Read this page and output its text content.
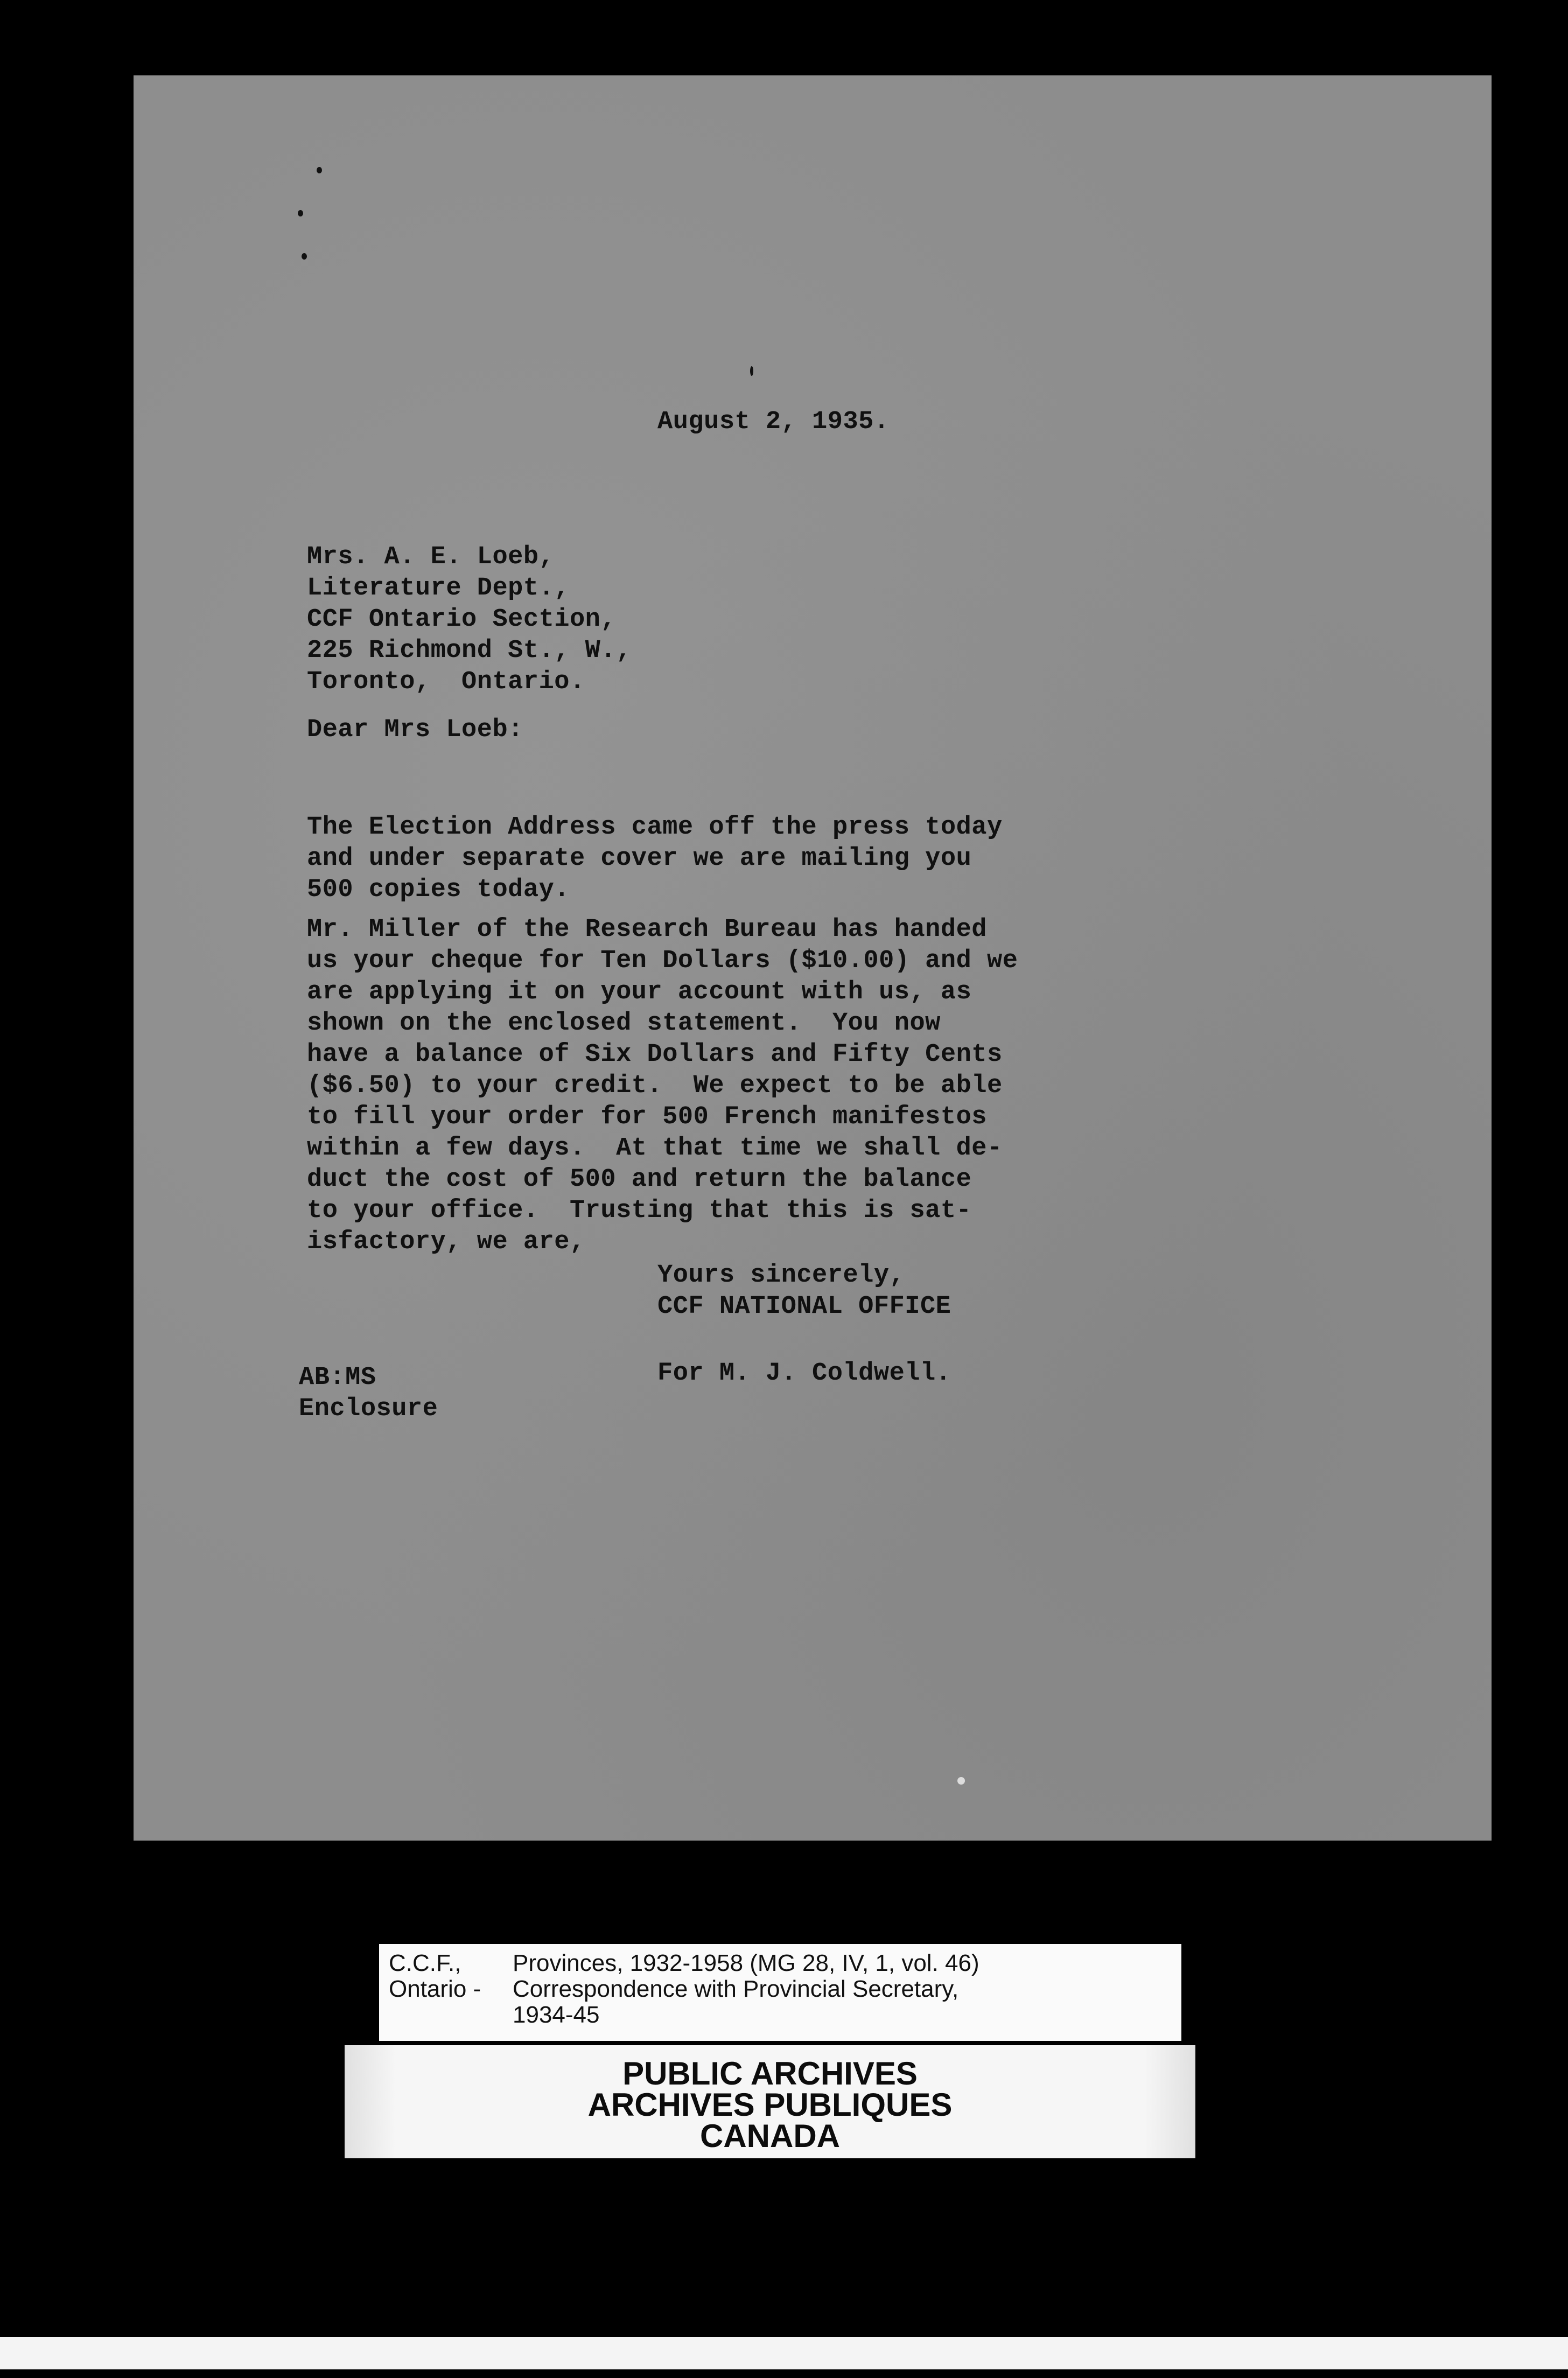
August 2, 1935.
Mrs. A. E. Loeb,
Literature Dept.,
CCF Ontario Section,
225 Richmond St., W.,
Toronto,  Ontario.
Dear Mrs Loeb:
The Election Address came off the press today
and under separate cover we are mailing you
500 copies today.
Mr. Miller of the Research Bureau has handed
us your cheque for Ten Dollars ($10.00) and we
are applying it on your account with us, as
shown on the enclosed statement.  You now
have a balance of Six Dollars and Fifty Cents
($6.50) to your credit.  We expect to be able
to fill your order for 500 French manifestos
within a few days.  At that time we shall de-
duct the cost of 500 and return the balance
to your office.  Trusting that this is sat-
isfactory, we are,
Yours sincerely,
CCF NATIONAL OFFICE
For M. J. Coldwell.
AB:MS
Enclosure
C.C.F.,
Ontario -
Provinces, 1932-1958 (MG 28, IV, 1, vol. 46)
Correspondence with Provincial Secretary,
1934-45
PUBLIC ARCHIVES
ARCHIVES PUBLIQUES
CANADA
